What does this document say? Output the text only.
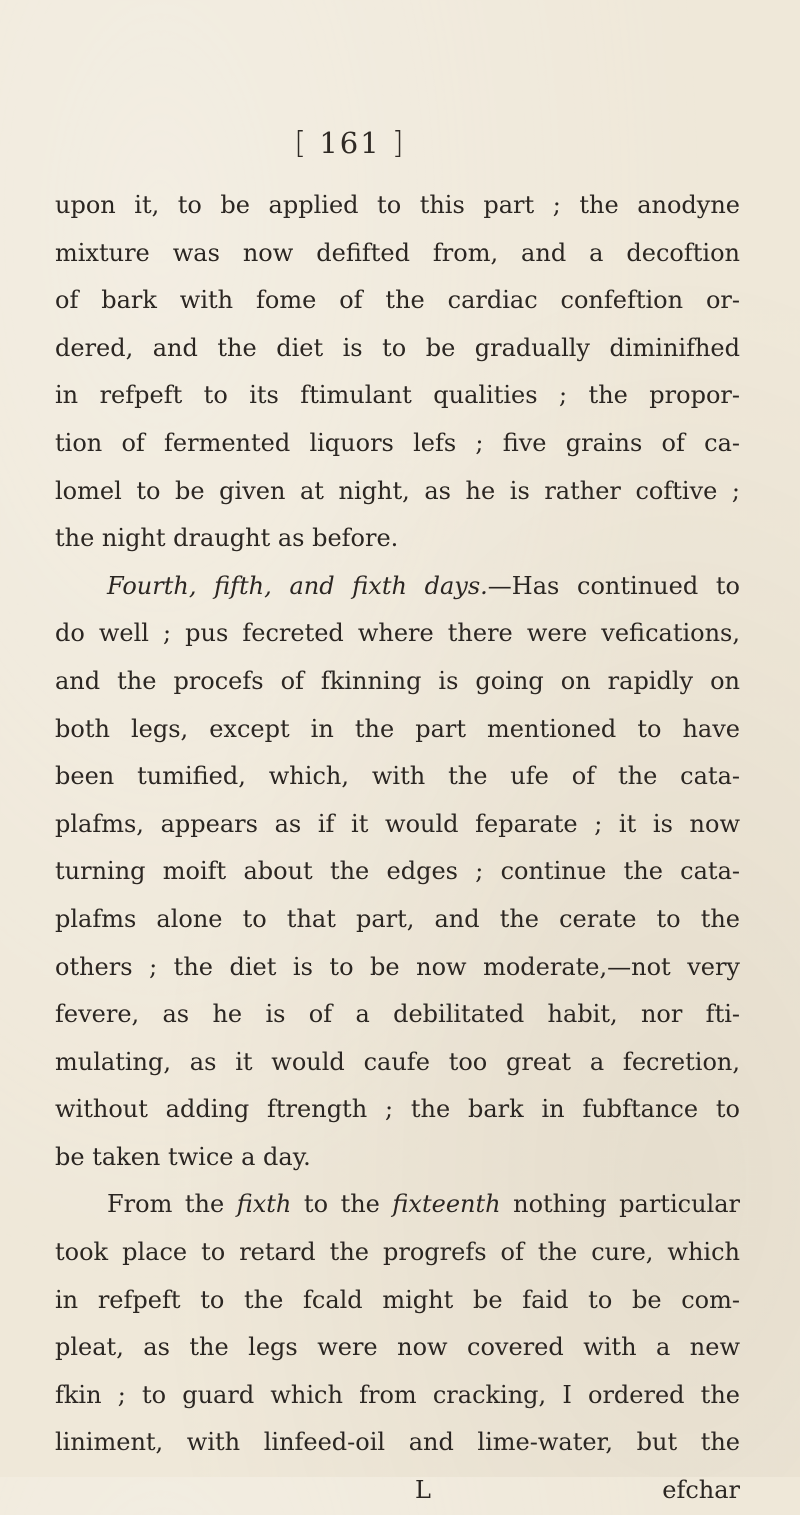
[ 161 ]
upon it, to be applied to this part ; the anodyne
mixture was now defifted from, and a decoftion
of bark with fome of the cardiac confeftion or-
dered, and the diet is to be gradually diminifhed
in refpeft to its ftimulant qualities ; the propor-
tion of fermented liquors lefs ; five grains of ca-
lomel to be given at night, as he is rather coftive ;
the night draught as before.
Fourth, fifth, and fixth days.—Has continued to
do well ; pus fecreted where there were vefications,
and the procefs of fkinning is going on rapidly on
both legs, except in the part mentioned to have
been tumified, which, with the ufe of the cata-
plafms, appears as if it would feparate ; it is now
turning moift about the edges ; continue the cata-
plafms alone to that part, and the cerate to the
others ; the diet is to be now moderate,—not very
fevere, as he is of a debilitated habit, nor fti-
mulating, as it would caufe too great a fecretion,
without adding ftrength ; the bark in fubftance to
be taken twice a day.
From the fixth to the fixteenth nothing particular
took place to retard the progrefs of the cure, which
in refpeft to the fcald might be faid to be com-
pleat, as the legs were now covered with a new
fkin ; to guard which from cracking, I ordered the
liniment, with linfeed-oil and lime-water, but the
L	efchar
